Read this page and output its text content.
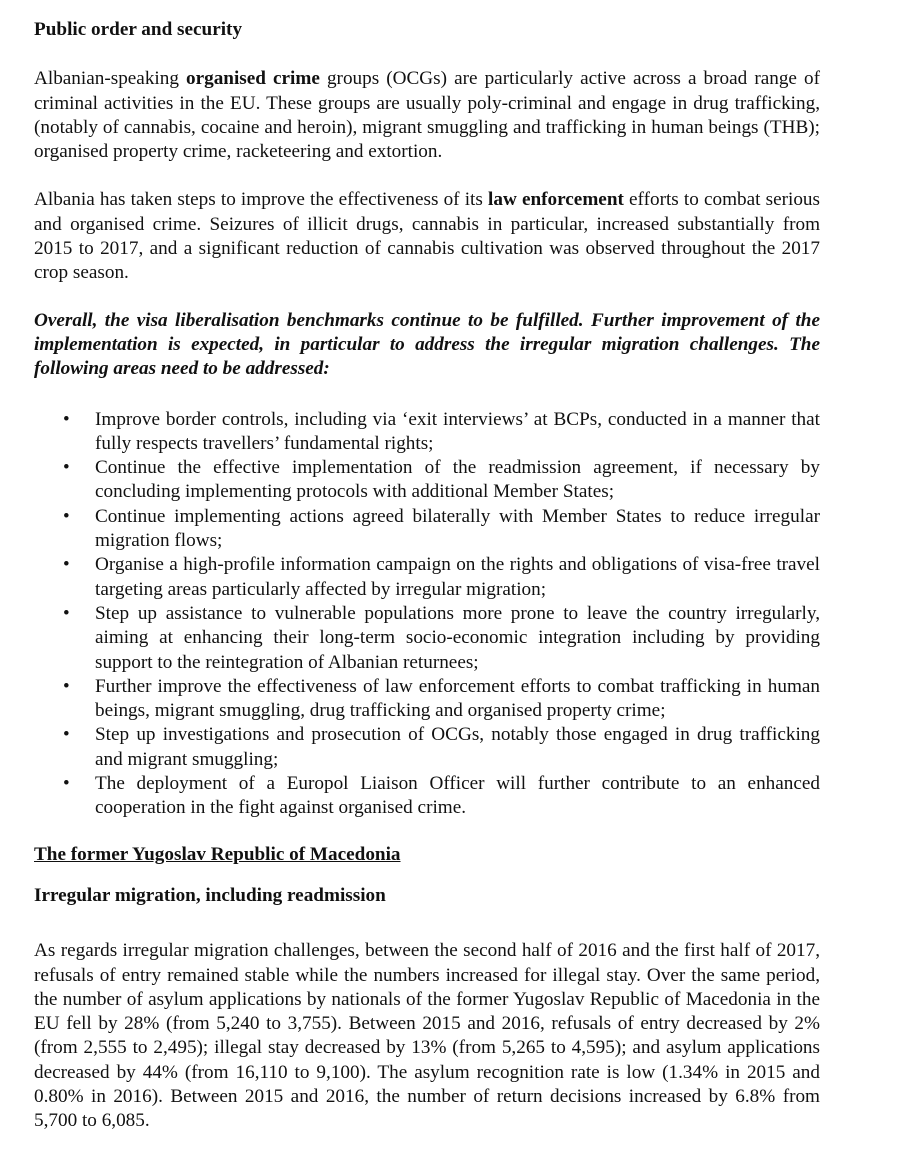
Public order and security

Albanian-speaking organised crime groups (OCGs) are particularly active across a broad range of criminal activities in the EU. These groups are usually poly-criminal and engage in drug trafficking, (notably of cannabis, cocaine and heroin), migrant smuggling and trafficking in human beings (THB); organised property crime, racketeering and extortion.

Albania has taken steps to improve the effectiveness of its law enforcement efforts to combat serious and organised crime. Seizures of illicit drugs, cannabis in particular, increased substantially from 2015 to 2017, and a significant reduction of cannabis cultivation was observed throughout the 2017 crop season.

Overall, the visa liberalisation benchmarks continue to be fulfilled. Further improvement of the implementation is expected, in particular to address the irregular migration challenges. The following areas need to be addressed:

• Improve border controls, including via ‘exit interviews’ at BCPs, conducted in a manner that fully respects travellers’ fundamental rights;
• Continue the effective implementation of the readmission agreement, if necessary by concluding implementing protocols with additional Member States;
• Continue implementing actions agreed bilaterally with Member States to reduce irregular migration flows;
• Organise a high-profile information campaign on the rights and obligations of visa-free travel targeting areas particularly affected by irregular migration;
• Step up assistance to vulnerable populations more prone to leave the country irregularly, aiming at enhancing their long-term socio-economic integration including by providing support to the reintegration of Albanian returnees;
• Further improve the effectiveness of law enforcement efforts to combat trafficking in human beings, migrant smuggling, drug trafficking and organised property crime;
• Step up investigations and prosecution of OCGs, notably those engaged in drug trafficking and migrant smuggling;
• The deployment of a Europol Liaison Officer will further contribute to an enhanced cooperation in the fight against organised crime.
The former Yugoslav Republic of Macedonia
Irregular migration, including readmission

As regards irregular migration challenges, between the second half of 2016 and the first half of 2017, refusals of entry remained stable while the numbers increased for illegal stay. Over the same period, the number of asylum applications by nationals of the former Yugoslav Republic of Macedonia in the EU fell by 28% (from 5,240 to 3,755). Between 2015 and 2016, refusals of entry decreased by 2% (from 2,555 to 2,495); illegal stay decreased by 13% (from 5,265 to 4,595); and asylum applications decreased by 44% (from 16,110 to 9,100). The asylum recognition rate is low (1.34% in 2015 and 0.80% in 2016). Between 2015 and 2016, the number of return decisions increased by 6.8% from 5,700 to 6,085.
